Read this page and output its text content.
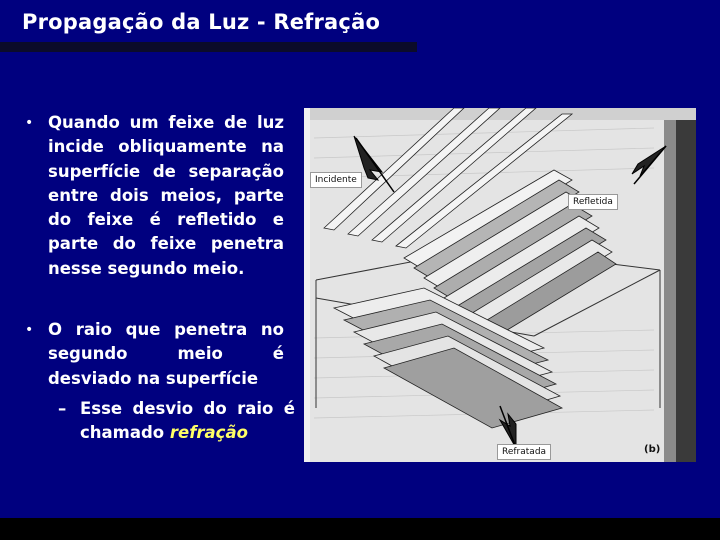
Propagação da Luz - Refração
• Quando um feixe de luz incide obliquamente na superfície de separação entre dois meios, parte do feixe é refletido e parte do feixe penetra nesse segundo meio.
• O raio que penetra no segundo meio é desviado na superfície
– Esse desvio do raio é chamado refração
Incidente
Refletida
Refratada	(b)
